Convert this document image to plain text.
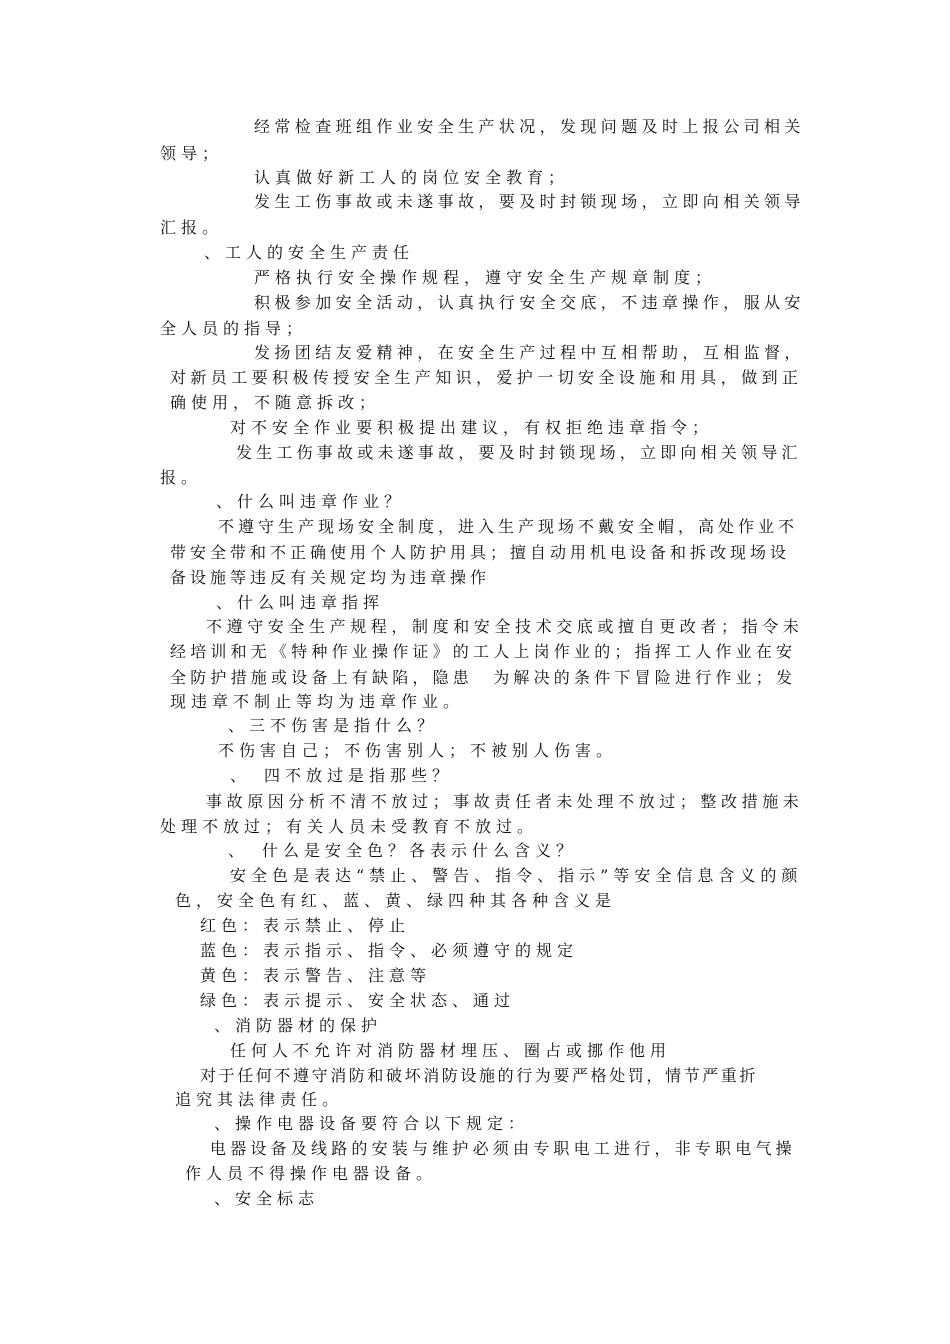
经常检查班组作业安全生产状况，发现问题及时上报公司相关
领导；
认真做好新工人的岗位安全教育；
发生工伤事故或未遂事故，要及时封锁现场，立即向相关领导
汇报。
、工人的安全生产责任
严格执行安全操作规程，遵守安全生产规章制度；
积极参加安全活动，认真执行安全交底，不违章操作，服从安
全人员的指导；
发扬团结友爱精神，在安全生产过程中互相帮助，互相监督，
对新员工要积极传授安全生产知识，爱护一切安全设施和用具，做到正
确使用，不随意拆改；
对不安全作业要积极提出建议，有权拒绝违章指令；
发生工伤事故或未遂事故，要及时封锁现场，立即向相关领导汇
报。
、什么叫违章作业？
不遵守生产现场安全制度，进入生产现场不戴安全帽，高处作业不
带安全带和不正确使用个人防护用具；擅自动用机电设备和拆改现场设
备设施等违反有关规定均为违章操作
、什么叫违章指挥
不遵守安全生产规程，制度和安全技术交底或擅自更改者；指令未
经培训和无《特种作业操作证》的工人上岗作业的；指挥工人作业在安
全防护措施或设备上有缺陷，隐患　为解决的条件下冒险进行作业；发
现违章不制止等均为违章作业。
、三不伤害是指什么？
不伤害自己；不伤害别人；不被别人伤害。
、　四不放过是指那些？
事故原因分析不清不放过；事故责任者未处理不放过；整改措施未
处理不放过；有关人员未受教育不放过。
、　什么是安全色？各表示什么含义？
安全色是表达“禁止、警告、指令、指示”等安全信息含义的颜
色，安全色有红、蓝、黄、绿四种其各种含义是
红色：表示禁止、停止
蓝色：表示指示、指令、必须遵守的规定
黄色：表示警告、注意等
绿色：表示提示、安全状态、通过
、消防器材的保护
任何人不允许对消防器材埋压、圈占或挪作他用
对于任何不遵守消防和破坏消防设施的行为要严格处罚，情节严重折
追究其法律责任。
、操作电器设备要符合以下规定：
电器设备及线路的安装与维护必须由专职电工进行，非专职电气操
作人员不得操作电器设备。
、安全标志
